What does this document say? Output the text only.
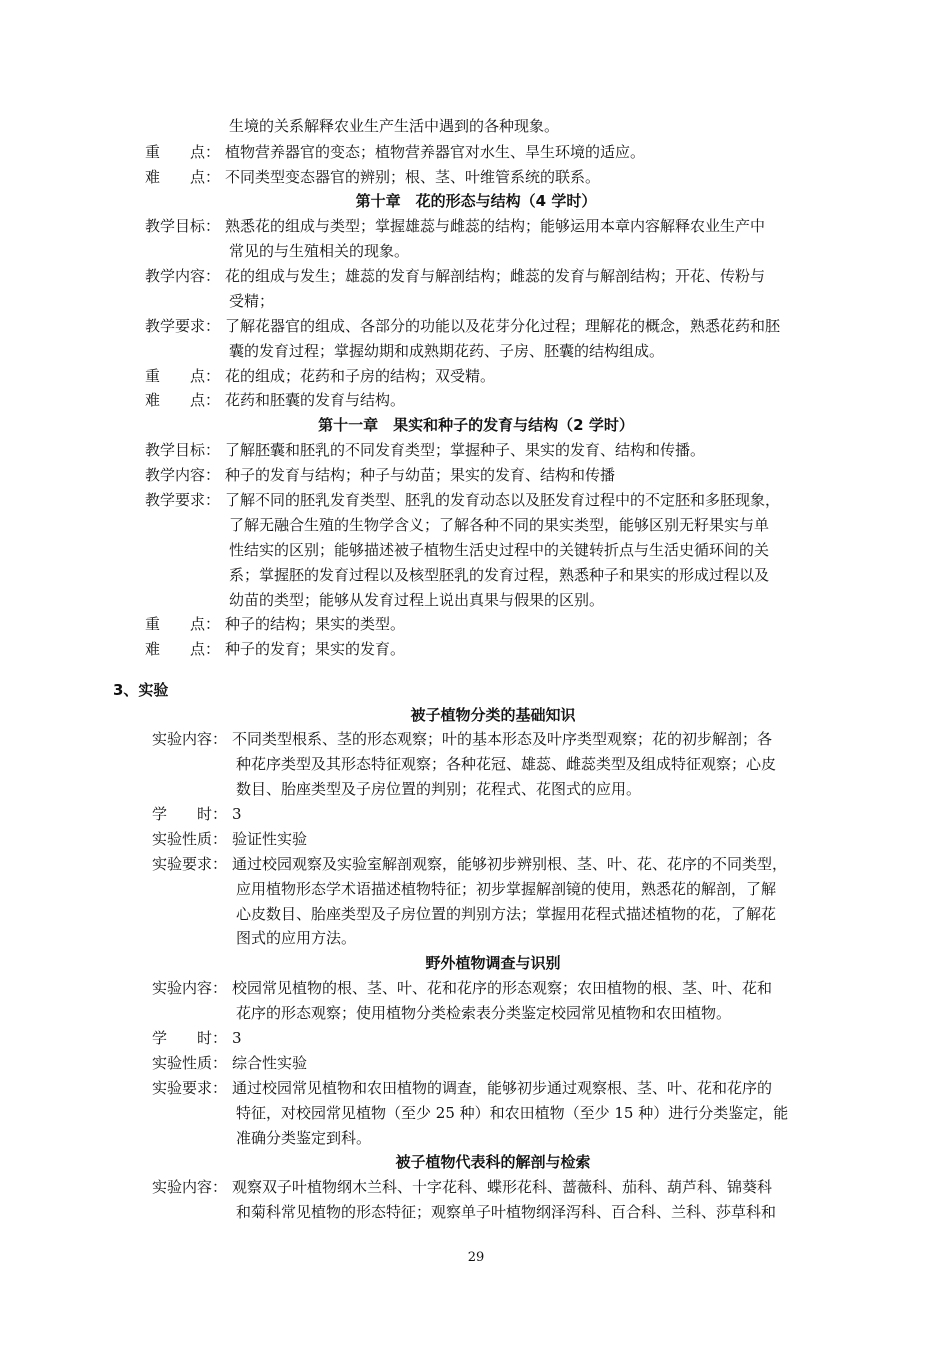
生境的关系解释农业生产生活中遇到的各种现象。
重　　点： 植物营养器官的变态；植物营养器官对水生、旱生环境的适应。
难　　点： 不同类型变态器官的辨别；根、茎、叶维管系统的联系。
第十章　花的形态与结构（4 学时）
教学目标： 熟悉花的组成与类型；掌握雄蕊与雌蕊的结构；能够运用本章内容解释农业生产中
常见的与生殖相关的现象。
教学内容： 花的组成与发生；雄蕊的发育与解剖结构；雌蕊的发育与解剖结构；开花、传粉与
受精；
教学要求： 了解花器官的组成、各部分的功能以及花芽分化过程；理解花的概念，熟悉花药和胚
囊的发育过程；掌握幼期和成熟期花药、子房、胚囊的结构组成。
重　　点： 花的组成；花药和子房的结构；双受精。
难　　点： 花药和胚囊的发育与结构。
第十一章　果实和种子的发育与结构（2 学时）
教学目标： 了解胚囊和胚乳的不同发育类型；掌握种子、果实的发育、结构和传播。
教学内容： 种子的发育与结构；种子与幼苗；果实的发育、结构和传播
教学要求： 了解不同的胚乳发育类型、胚乳的发育动态以及胚发育过程中的不定胚和多胚现象，
了解无融合生殖的生物学含义；了解各种不同的果实类型，能够区别无籽果实与单
性结实的区别；能够描述被子植物生活史过程中的关键转折点与生活史循环间的关
系；掌握胚的发育过程以及核型胚乳的发育过程，熟悉种子和果实的形成过程以及
幼苗的类型；能够从发育过程上说出真果与假果的区别。
重　　点： 种子的结构；果实的类型。
难　　点： 种子的发育；果实的发育。
3、实验
被子植物分类的基础知识
实验内容： 不同类型根系、茎的形态观察；叶的基本形态及叶序类型观察；花的初步解剖；各
种花序类型及其形态特征观察；各种花冠、雄蕊、雌蕊类型及组成特征观察；心皮
数目、胎座类型及子房位置的判别；花程式、花图式的应用。
学　　时： 3
实验性质： 验证性实验
实验要求： 通过校园观察及实验室解剖观察，能够初步辨别根、茎、叶、花、花序的不同类型，
应用植物形态学术语描述植物特征；初步掌握解剖镜的使用，熟悉花的解剖，了解
心皮数目、胎座类型及子房位置的判别方法；掌握用花程式描述植物的花，了解花
图式的应用方法。
野外植物调查与识别
实验内容： 校园常见植物的根、茎、叶、花和花序的形态观察；农田植物的根、茎、叶、花和
花序的形态观察；使用植物分类检索表分类鉴定校园常见植物和农田植物。
学　　时： 3
实验性质： 综合性实验
实验要求： 通过校园常见植物和农田植物的调查，能够初步通过观察根、茎、叶、花和花序的
特征，对校园常见植物（至少 25 种）和农田植物（至少 15 种）进行分类鉴定，能
准确分类鉴定到科。
被子植物代表科的解剖与检索
实验内容： 观察双子叶植物纲木兰科、十字花科、蝶形花科、蔷薇科、茄科、葫芦科、锦葵科
和菊科常见植物的形态特征；观察单子叶植物纲泽泻科、百合科、兰科、莎草科和
29
